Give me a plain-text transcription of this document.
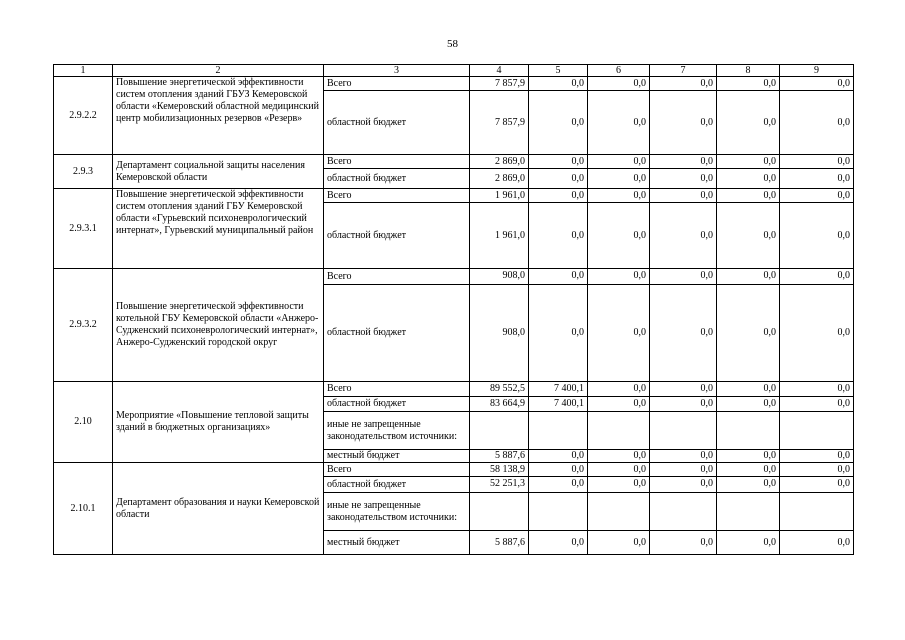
58
1	2	3	4	5	6	7	8	9
2.9.2.2	Повышение энергетической эффективности систем отопления зданий ГБУЗ Кемеровской области «Кемеровский областной медицинский центр мобилизационных резервов «Резерв»	Всего	7 857,9	0,0	0,0	0,0	0,0	0,0
		областной бюджет	7 857,9	0,0	0,0	0,0	0,0	0,0
2.9.3	Департамент социальной защиты населения Кемеровской области	Всего	2 869,0	0,0	0,0	0,0	0,0	0,0
		областной бюджет	2 869,0	0,0	0,0	0,0	0,0	0,0
2.9.3.1	Повышение энергетической эффективности систем отопления зданий ГБУ Кемеровской области «Гурьевский психоневрологический интернат», Гурьевский муниципальный район	Всего	1 961,0	0,0	0,0	0,0	0,0	0,0
		областной бюджет	1 961,0	0,0	0,0	0,0	0,0	0,0
2.9.3.2	Повышение энергетической эффективности котельной ГБУ Кемеровской области «Анжеро-Судженский психоневрологический интернат», Анжеро-Судженский городской округ	Всего	908,0	0,0	0,0	0,0	0,0	0,0
		областной бюджет	908,0	0,0	0,0	0,0	0,0	0,0
2.10	Мероприятие «Повышение тепловой защиты зданий в бюджетных организациях»	Всего	89 552,5	7 400,1	0,0	0,0	0,0	0,0
		областной бюджет	83 664,9	7 400,1	0,0	0,0	0,0	0,0
		иные не запрещенные законодательством источники:						
		местный бюджет	5 887,6	0,0	0,0	0,0	0,0	0,0
2.10.1	Департамент образования и науки Кемеровской области	Всего	58 138,9	0,0	0,0	0,0	0,0	0,0
		областной бюджет	52 251,3	0,0	0,0	0,0	0,0	0,0
		иные не запрещенные законодательством источники:						
		местный бюджет	5 887,6	0,0	0,0	0,0	0,0	0,0
